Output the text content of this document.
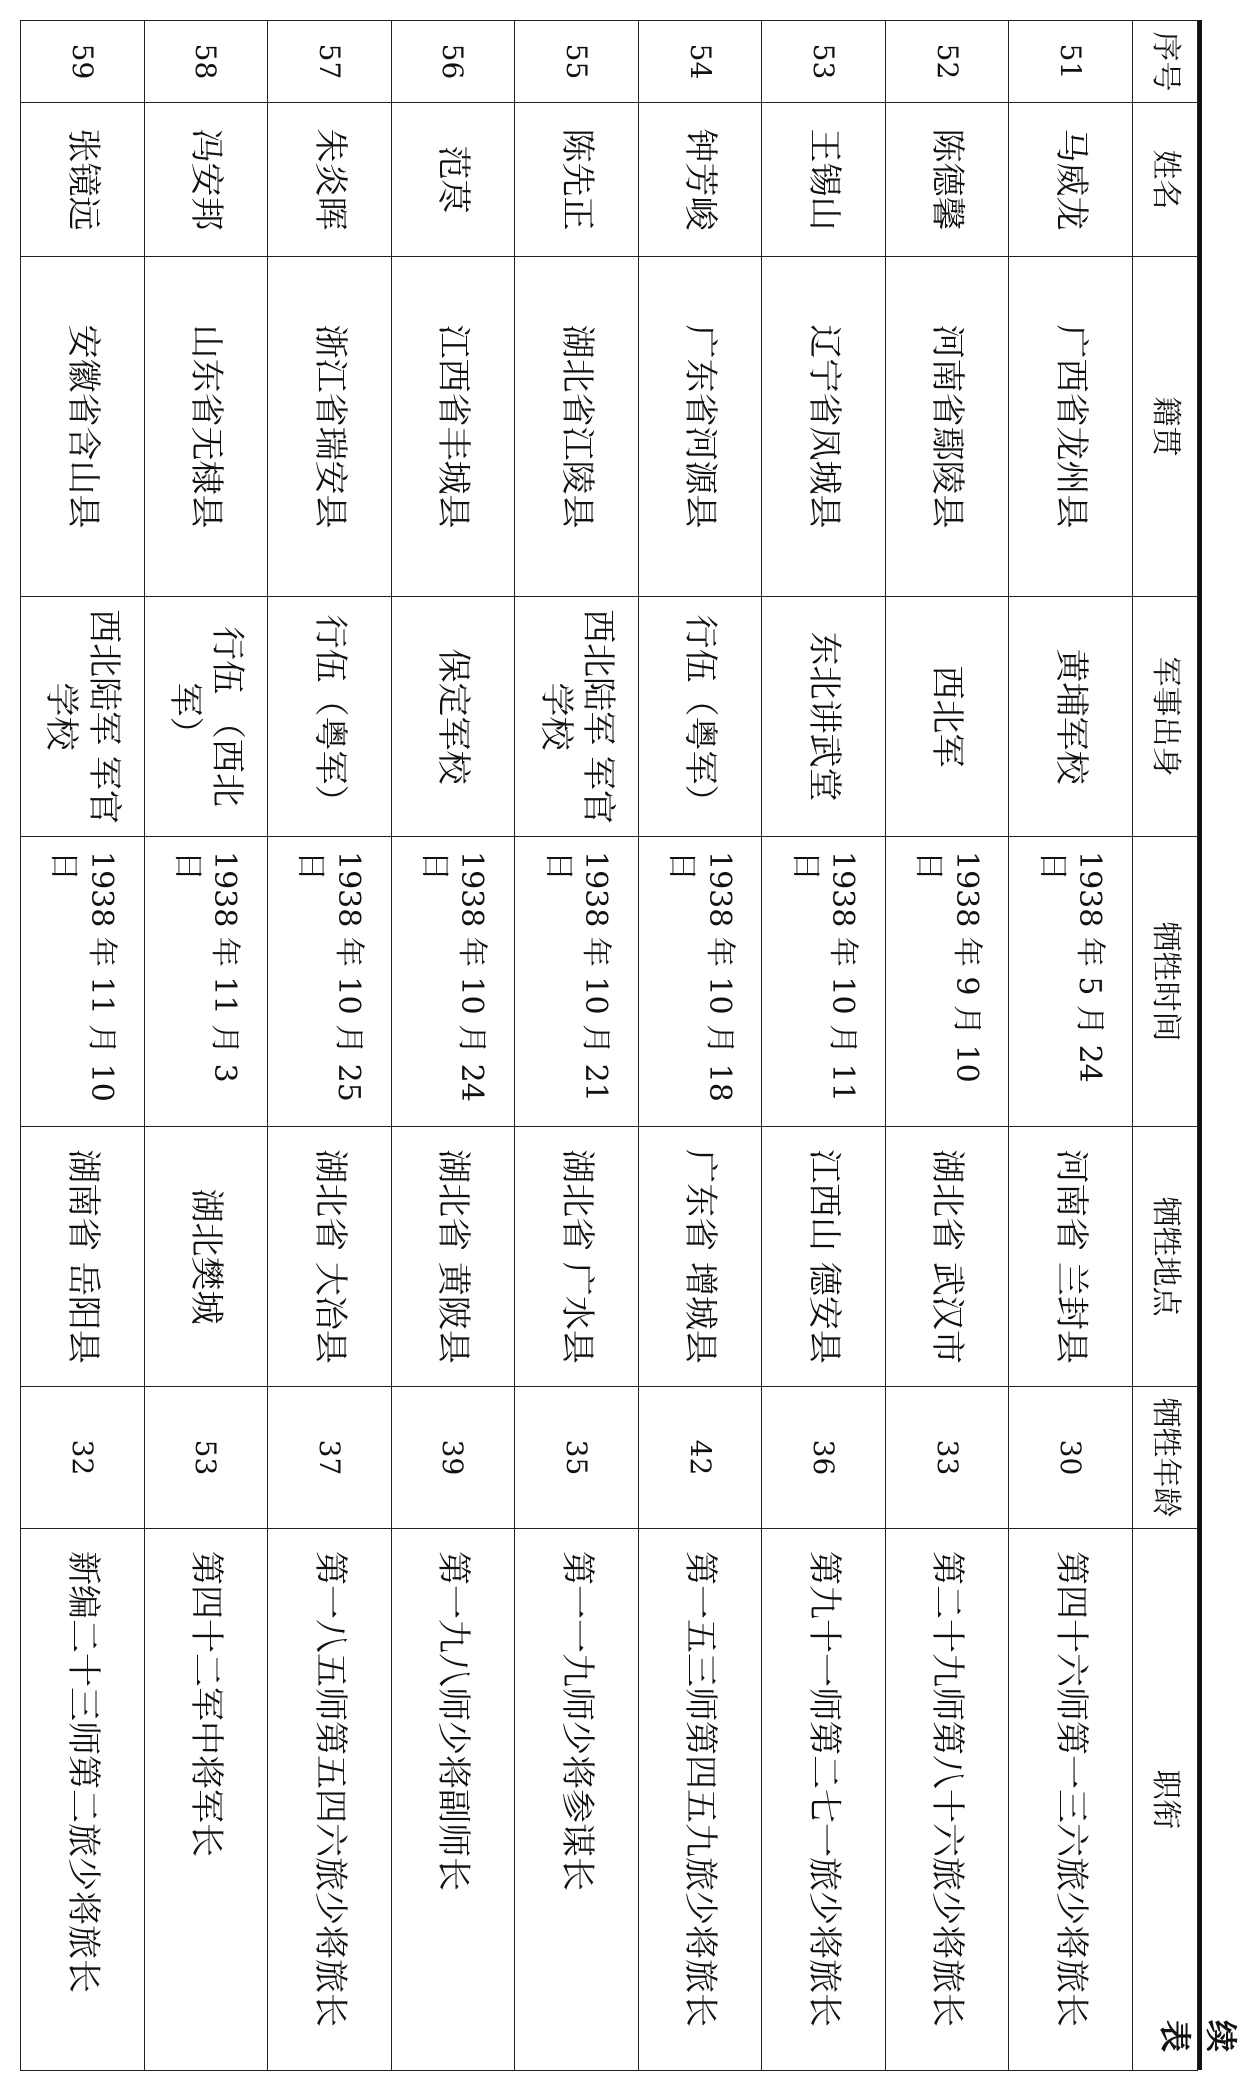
续表
序号	姓名	籍贯	军事出身	牺牲时间	牺牲地点	牺牲年龄	职衔
51	马威龙	广西省龙州县	黄埔军校	1938 年 5 月 24 日	河南省 兰封县	30	第四十六师第一三六旅少将旅长
52	陈德馨	河南省鄢陵县	西北军	1938 年 9 月 10 日	湖北省 武汉市	33	第二十九师第八十六旅少将旅长
53	王锡山	辽宁省凤城县	东北讲武堂	1938 年 10 月 11 日	江西山 德安县	36	第九十一师第二七一旅少将旅长
54	钟芳峻	广东省河源县	行伍（粤军）	1938 年 10 月 18 日	广东省 增城县	42	第一五三师第四五九旅少将旅长
55	陈先正	湖北省江陵县	西北陆军 军官学校	1938 年 10 月 21 日	湖北省 广水县	35	第一一九师少将参谋长
56	范荩	江西省丰城县	保定军校	1938 年 10 月 24 日	湖北省 黄陂县	39	第一九八师少将副师长
57	朱炎晖	浙江省瑞安县	行伍（粤军）	1938 年 10 月 25 日	湖北省 大冶县	37	第一八五师第五四六旅少将旅长
58	冯安邦	山东省无棣县	行伍 （西北军）	1938 年 11 月 3 日	湖北樊城	53	第四十二军中将军长
59	张镜远	安徽省含山县	西北陆军 军官学校	1938 年 11 月 10 日	湖南省 岳阳县	32	新编二十三师第二旅少将旅长
